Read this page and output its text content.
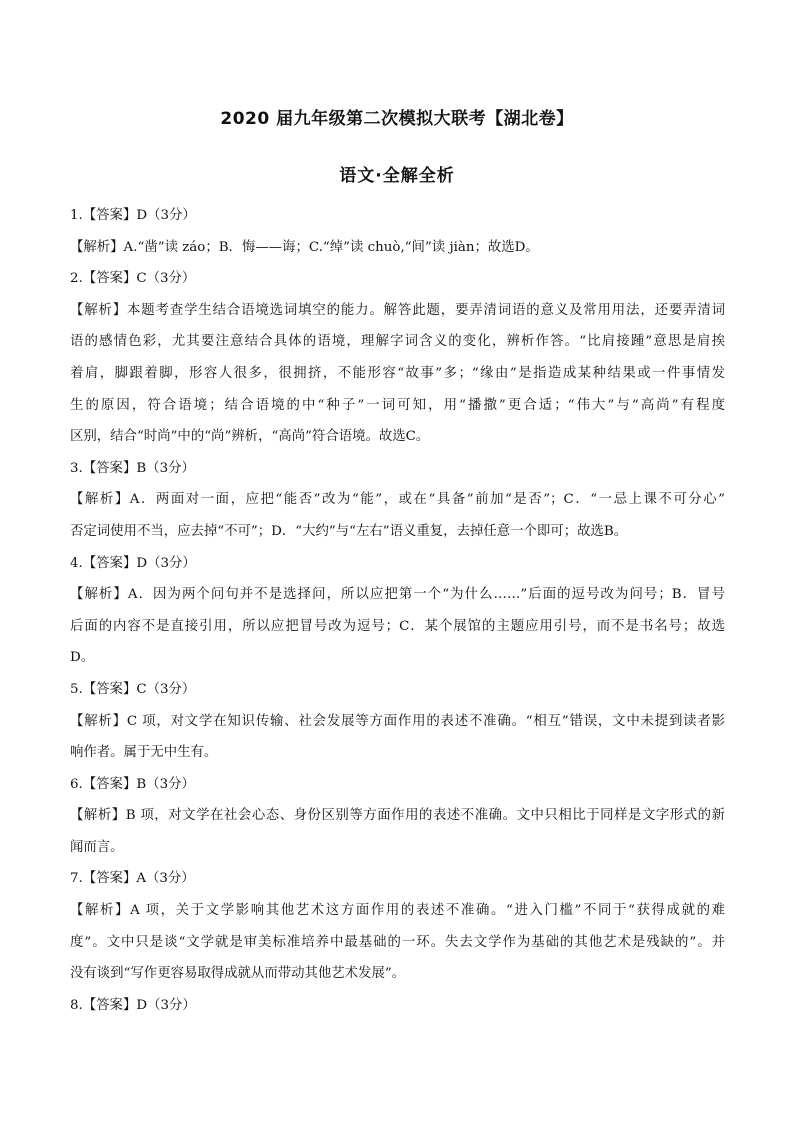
2020 届九年级第二次模拟大联考【湖北卷】
语文·全解全析
1.【答案】D（3分）
【解析】A.“凿”读 záo；B．悔——诲；C.“绰”读 chuò,“间”读 jiàn；故选D。
2.【答案】C（3分）
【解析】本题考查学生结合语境选词填空的能力。解答此题，要弄清词语的意义及常用用法，还要弄清词
语的感情色彩，尤其要注意结合具体的语境，理解字词含义的变化，辨析作答。“比肩接踵”意思是肩挨
着肩，脚跟着脚，形容人很多，很拥挤，不能形容“故事”多；“缘由”是指造成某种结果或一件事情发
生的原因，符合语境；结合语境的中“种子”一词可知，用“播撒”更合适；“伟大”与“高尚”有程度
区别，结合“时尚”中的“尚”辨析，“高尚”符合语境。故选C。
3.【答案】B（3分）
【解析】A．两面对一面，应把“能否”改为“能”，或在“具备”前加“是否”；C．“一忌上课不可分心”
否定词使用不当，应去掉“不可”；D．“大约”与“左右”语义重复，去掉任意一个即可；故选B。
4.【答案】D（3分）
【解析】A．因为两个问句并不是选择问，所以应把第一个“为什么……”后面的逗号改为问号；B．冒号
后面的内容不是直接引用，所以应把冒号改为逗号；C．某个展馆的主题应用引号，而不是书名号；故选
D。
5.【答案】C（3分）
【解析】C 项，对文学在知识传输、社会发展等方面作用的表述不准确。“相互”错误，文中未提到读者影
响作者。属于无中生有。
6.【答案】B（3分）
【解析】B 项，对文学在社会心态、身份区别等方面作用的表述不准确。文中只相比于同样是文字形式的新
闻而言。
7.【答案】A（3分）
【解析】A 项，关于文学影响其他艺术这方面作用的表述不准确。“进入门槛”不同于“获得成就的难
度”。文中只是谈“文学就是审美标准培养中最基础的一环。失去文学作为基础的其他艺术是残缺的”。并
没有谈到“写作更容易取得成就从而带动其他艺术发展”。
8.【答案】D（3分）
